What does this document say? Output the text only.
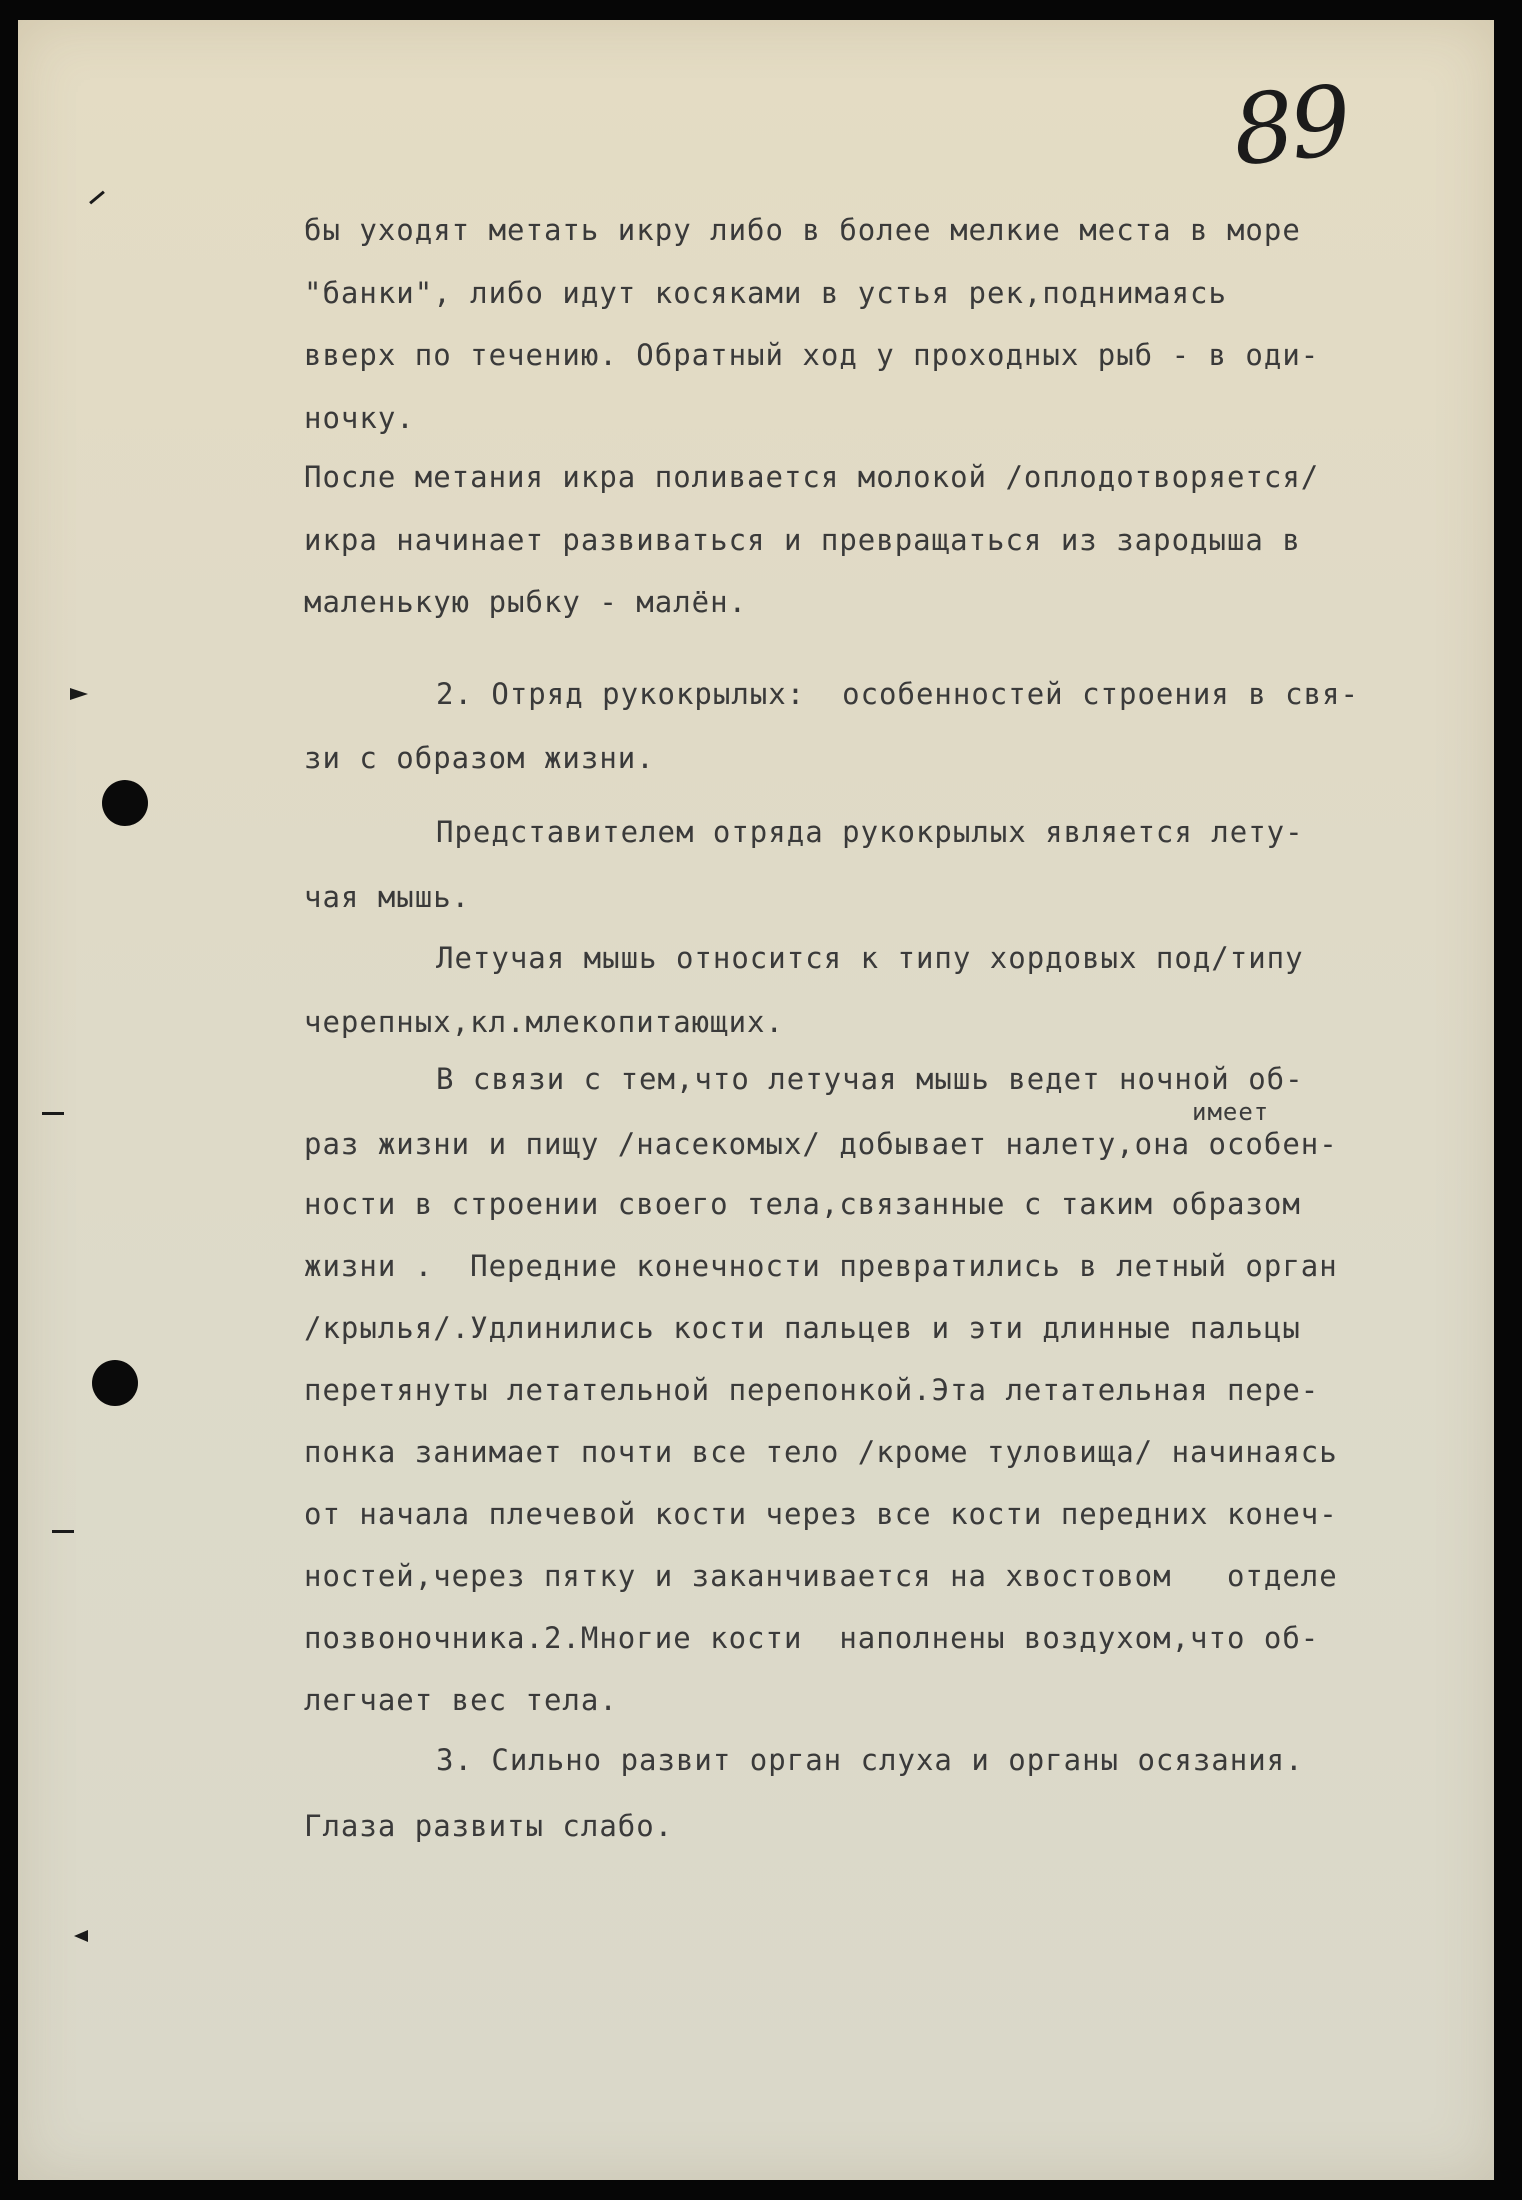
89
бы уходят метать икру либо в более мелкие места в море
"банки", либо идут косяками в устья рек,поднимаясь
вверх по течению. Обратный ход у проходных рыб - в оди-
ночку.
После метания икра поливается молокой /оплодотворяется/
икра начинает развиваться и превращаться из зародыша в
маленькую рыбку - малён.
2. Отряд рукокрылых:  особенностей строения в свя-
зи с образом жизни.
Представителем отряда рукокрылых является лету-
чая мышь.
Летучая мышь относится к типу хордовых под/типу
черепных,кл.млекопитающих.
В связи с тем,что летучая мышь ведет ночной об-
имеет
раз жизни и пищу /насекомых/ добывает налету,она особен-
ности в строении своего тела,связанные с таким образом
жизни .  Передние конечности превратились в летный орган
/крылья/.Удлинились кости пальцев и эти длинные пальцы
перетянуты летательной перепонкой.Эта летательная пере-
понка занимает почти все тело /кроме туловища/ начинаясь
от начала плечевой кости через все кости передних конеч-
ностей,через пятку и заканчивается на хвостовом   отделе
позвоночника.2.Многие кости  наполнены воздухом,что об-
легчает вес тела.
3. Сильно развит орган слуха и органы осязания.
Глаза развиты слабо.
